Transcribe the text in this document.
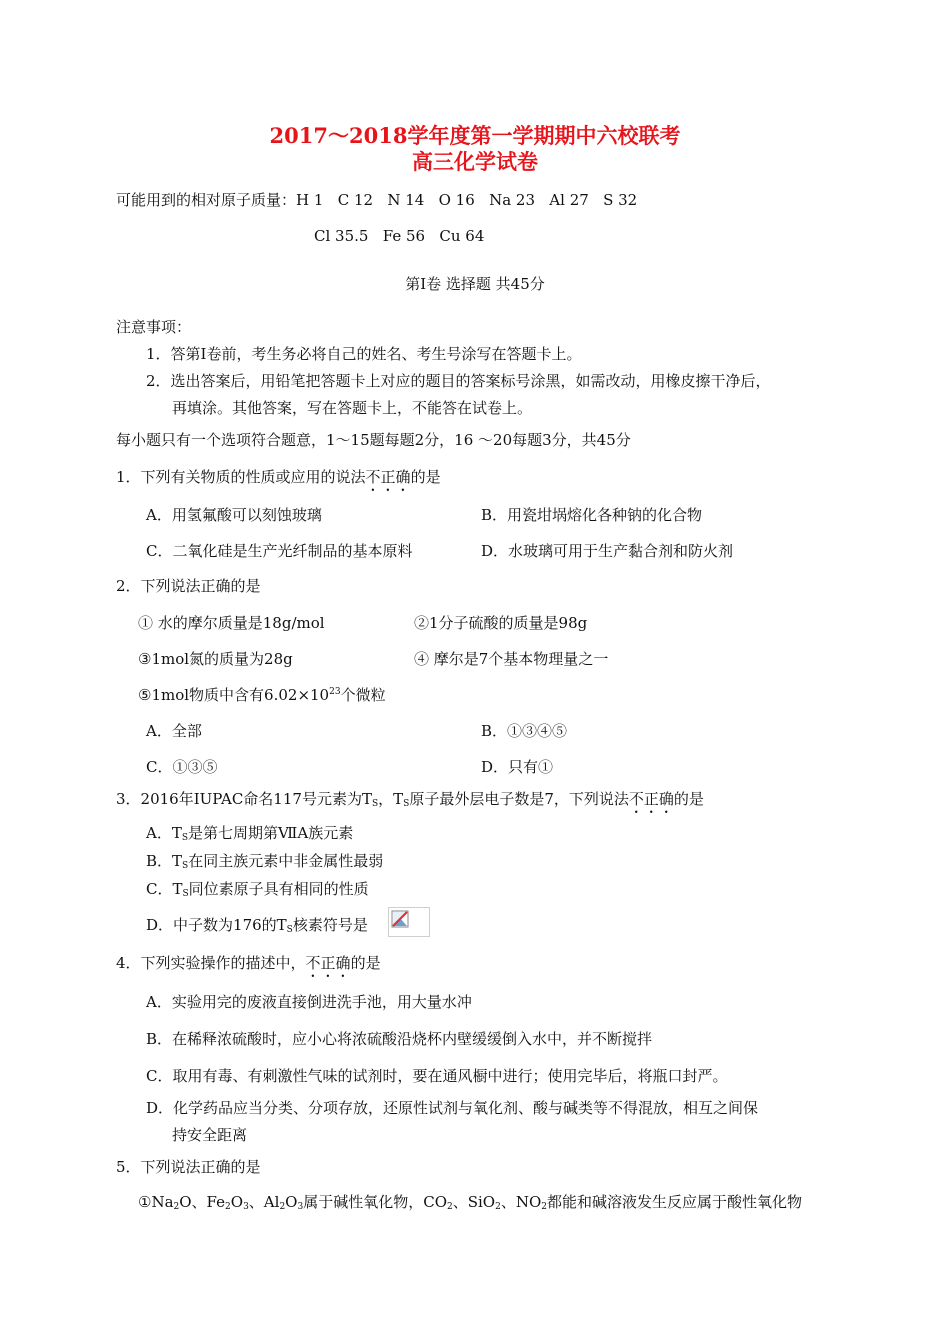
2017～2018学年度第一学期期中六校联考
高三化学试卷
可能用到的相对原子质量：H 1   C 12   N 14   O 16   Na 23   Al 27   S 32
Cl 35.5   Fe 56   Cu 64
第Ⅰ卷 选择题 共45分
注意事项：
1．答第Ⅰ卷前，考生务必将自己的姓名、考生号涂写在答题卡上。
2．选出答案后，用铅笔把答题卡上对应的题目的答案标号涂黑，如需改动，用橡皮擦干净后，
再填涂。其他答案，写在答题卡上，不能答在试卷上。
每小题只有一个选项符合题意，1～15题每题2分，16 ～20每题3分，共45分
1．下列有关物质的性质或应用的说法不正确的是
A．用氢氟酸可以刻蚀玻璃	B．用瓷坩埚熔化各种钠的化合物
C．二氧化硅是生产光纤制品的基本原料	D．水玻璃可用于生产黏合剂和防火剂
2．下列说法正确的是
① 水的摩尔质量是18g/mol	②1分子硫酸的质量是98g
③1mol氮的质量为28g	④ 摩尔是7个基本物理量之一
⑤1mol物质中含有$6.02\times 10^{23}$个微粒
A．全部	B．①③④⑤
C．①③⑤	D．只有①
3．2016年IUPAC命名117号元素为$T_S$，$T_S$原子最外层电子数是7，下列说法不正确的是
A．$T_S$是第七周期第ⅦA族元素
B．$T_S$在同主族元素中非金属性最弱
C．$T_S$同位素原子具有相同的性质
D．中子数为176的$T_S$核素符号是
4．下列实验操作的描述中，不正确的是
A．实验用完的废液直接倒进洗手池，用大量水冲
B．在稀释浓硫酸时，应小心将浓硫酸沿烧杯内壁缓缓倒入水中，并不断搅拌
C．取用有毒、有刺激性气味的试剂时，要在通风橱中进行；使用完毕后，将瓶口封严。
D．化学药品应当分类、分项存放，还原性试剂与氧化剂、酸与碱类等不得混放，相互之间保
持安全距离
5．下列说法正确的是
$①Na_2O$、$Fe_2O_3$、$Al_2O_3$属于碱性氧化物，$CO_2$、SiO$_2$、$NO_2$都能和碱溶液发生反应属于酸性氧化物
